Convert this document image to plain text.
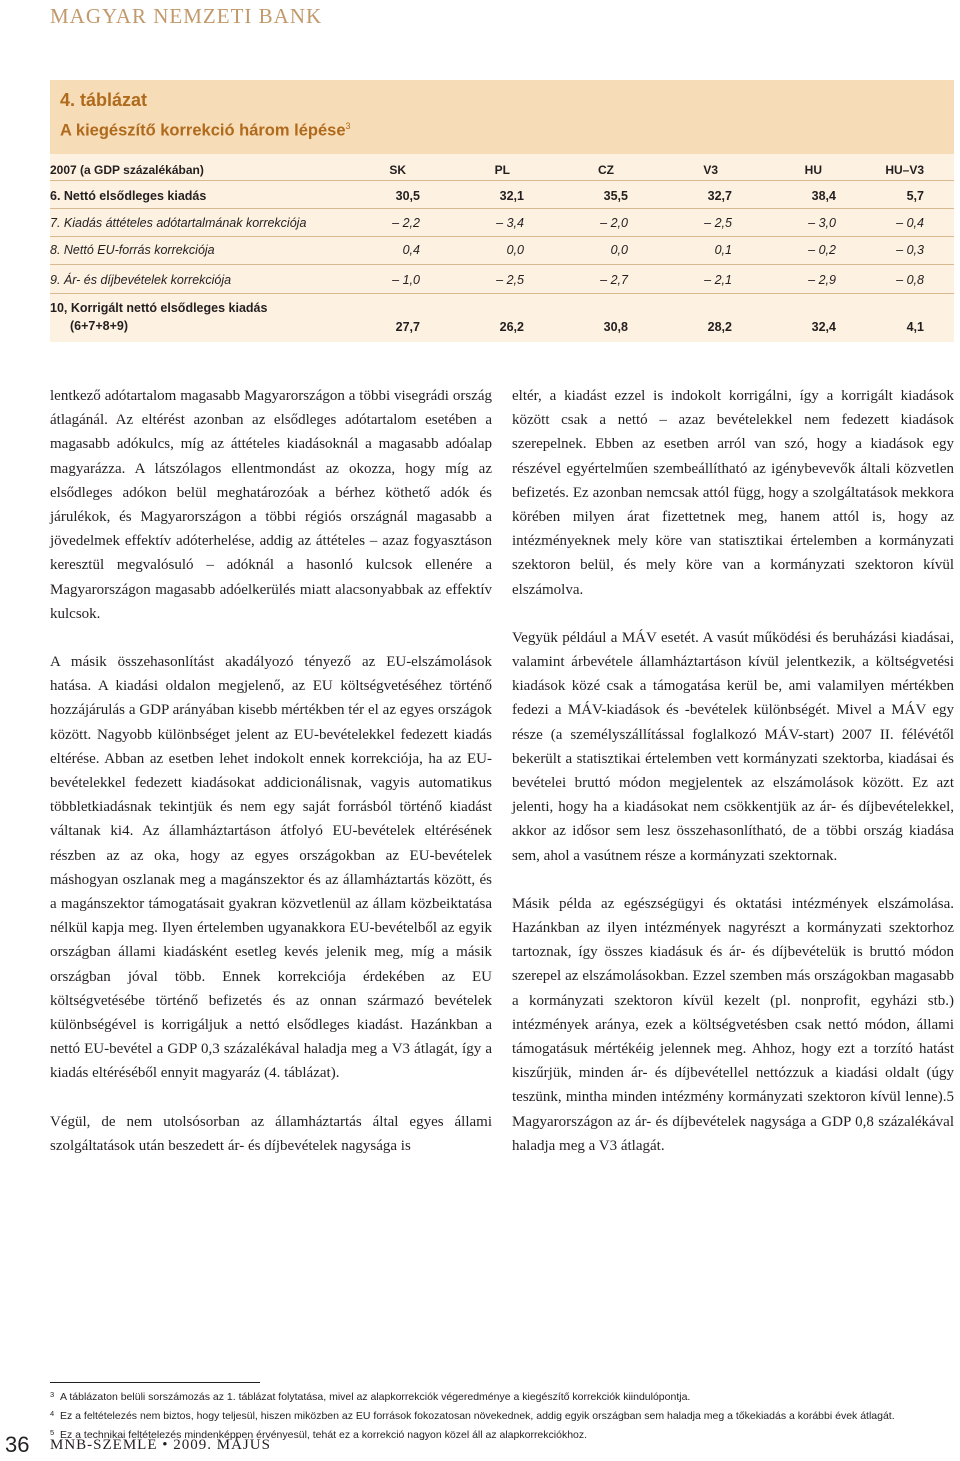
MAGYAR NEMZETI BANK
4. táblázat
A kiegészítő korrekció három lépése$^3$
2007 (a GDP százalékában)	SK	PL	CZ	V3	HU	HU–V3
6. Nettó elsődleges kiadás	30,5	32,1	35,5	32,7	38,4	5,7
7. Kiadás áttételes adótartalmának korrekciója	– 2,2	– 3,4	– 2,0	– 2,5	– 3,0	– 0,4
8. Nettó EU-forrás korrekciója	0,4	0,0	0,0	0,1	– 0,2	– 0,3
9. Ár- és díjbevételek korrekciója	– 1,0	– 2,5	– 2,7	– 2,1	– 2,9	– 0,8
10, Korrigált nettó elsődleges kiadás
(6+7+8+9)	27,7	26,2	30,8	28,2	32,4	4,1

lentkező adótartalom magasabb Magyarországon a többi visegrádi ország átlagánál. Az eltérést azonban az elsődleges adótartalom esetében a magasabb adókulcs, míg az áttételes kiadásoknál a magasabb adóalap magyarázza. A látszólagos ellentmondást az okozza, hogy míg az elsődleges adókon belül meghatározóak a bérhez köthető adók és járulékok, és Magyarországon a többi régiós országnál magasabb a jövedelmek effektív adóterhelése, addig az áttételes – azaz fogyasztáson keresztül megvalósuló – adóknál a hasonló kulcsok ellenére a Magyarországon magasabb adóelkerülés miatt alacsonyabbak az effektív kulcsok.

A másik összehasonlítást akadályozó tényező az EU-elszámolások hatása. A kiadási oldalon megjelenő, az EU költségvetéséhez történő hozzájárulás a GDP arányában kisebb mértékben tér el az egyes országok között. Nagyobb különbséget jelent az EU-bevételekkel fedezett kiadás eltérése. Abban az esetben lehet indokolt ennek korrekciója, ha az EU-bevételekkel fedezett kiadásokat addicionálisnak, vagyis automatikus többletkiadásnak tekintjük és nem egy saját forrásból történő kiadást váltanak ki4. Az államháztartáson átfolyó EU-bevételek eltérésének részben az az oka, hogy az egyes országokban az EU-bevételek máshogyan oszlanak meg a magánszektor és az államháztartás között, és a magánszektor támogatásait gyakran közvetlenül az állam közbeiktatása nélkül kapja meg. Ilyen értelemben ugyanakkora EU-bevételből az egyik országban állami kiadásként esetleg kevés jelenik meg, míg a másik országban jóval több. Ennek korrekciója érdekében az EU költségvetésébe történő befizetés és az onnan származó bevételek különbségével is korrigáljuk a nettó elsődleges kiadást. Hazánkban a nettó EU-bevétel a GDP 0,3 százalékával haladja meg a V3 átlagát, így a kiadás eltéréséből ennyit magyaráz (4. táblázat).

Végül, de nem utolsósorban az államháztartás által egyes állami szolgáltatások után beszedett ár- és díjbevételek nagysága is

eltér, a kiadást ezzel is indokolt korrigálni, így a korrigált kiadások között csak a nettó – azaz bevételekkel nem fedezett kiadások szerepelnek. Ebben az esetben arról van szó, hogy a kiadások egy részével egyértelműen szembeállítható az igénybevevők általi közvetlen befizetés. Ez azonban nemcsak attól függ, hogy a szolgáltatások mekkora körében milyen árat fizettetnek meg, hanem attól is, hogy az intézményeknek mely köre van statisztikai értelemben a kormányzati szektoron belül, és mely köre van a kormányzati szektoron kívül elszámolva.

Vegyük például a MÁV esetét. A vasút működési és beruházási kiadásai, valamint árbevétele államháztartáson kívül jelentkezik, a költségvetési kiadások közé csak a támogatása kerül be, ami valamilyen mértékben fedezi a MÁV-kiadások és -bevételek különbségét. Mivel a MÁV egy része (a személyszállítással foglalkozó MÁV-start) 2007 II. félévétől bekerült a statisztikai értelemben vett kormányzati szektorba, kiadásai és bevételei bruttó módon megjelentek az elszámolások között. Ez azt jelenti, hogy ha a kiadásokat nem csökkentjük az ár- és díjbevételekkel, akkor az idősor sem lesz összehasonlítható, de a többi ország kiadása sem, ahol a vasútnem része a kormányzati szektornak.

Másik példa az egészségügyi és oktatási intézmények elszámolása. Hazánkban az ilyen intézmények nagyrészt a kormányzati szektorhoz tartoznak, így összes kiadásuk és ár- és díjbevételük is bruttó módon szerepel az elszámolásokban. Ezzel szemben más országokban magasabb a kormányzati szektoron kívül kezelt (pl. nonprofit, egyházi stb.) intézmények aránya, ezek a költségvetésben csak nettó módon, állami támogatásuk mértékéig jelennek meg. Ahhoz, hogy ezt a torzító hatást kiszűrjük, minden ár- és díjbevétellel nettózzuk a kiadási oldalt (úgy teszünk, mintha minden intézmény kormányzati szektoron kívül lenne).5 Magyarországon az ár- és díjbevételek nagysága a GDP 0,8 százalékával haladja meg a V3 átlagát.

3 A táblázaton belüli sorszámozás az 1. táblázat folytatása, mivel az alapkorrekciók végeredménye a kiegészítő korrekciók kiindulópontja.
4 Ez a feltételezés nem biztos, hogy teljesül, hiszen miközben az EU források fokozatosan növekednek, addig egyik országban sem haladja meg a tőkekiadás a korábbi évek átlagát.
5 Ez a technikai feltételezés mindenképpen érvényesül, tehát ez a korrekció nagyon közel áll az alapkorrekciókhoz.
36 MNB-SZEMLE • 2009. MÁJUS
